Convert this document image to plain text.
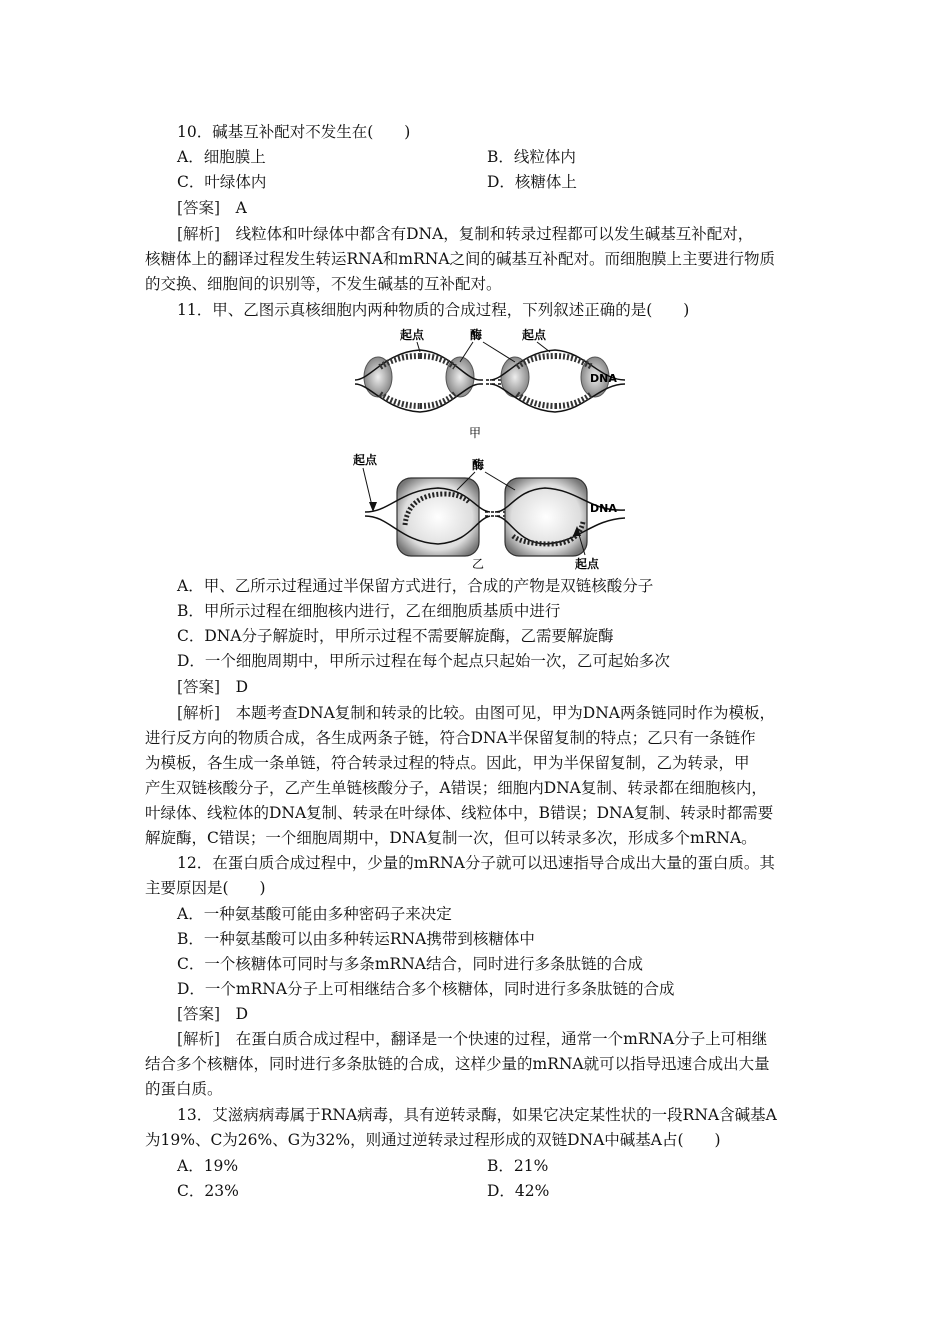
10．碱基互补配对不发生在(　　)
A．细胞膜上	B．线粒体内
C．叶绿体内	D．核糖体上
[答案]　 A
[解析]　 线粒体和叶绿体中都含有DNA，复制和转录过程都可以发生碱基互补配对，
核糖体上的翻译过程发生转运RNA和mRNA之间的碱基互补配对。而细胞膜上主要进行物质
的交换、细胞间的识别等，不发生碱基的互补配对。
11．甲、乙图示真核细胞内两种物质的合成过程，下列叙述正确的是(　　)
起点	酶	起点
DNA
甲
起点	酶
DNA
起点
乙
A．甲、乙所示过程通过半保留方式进行，合成的产物是双链核酸分子
B．甲所示过程在细胞核内进行，乙在细胞质基质中进行
C．DNA分子解旋时，甲所示过程不需要解旋酶，乙需要解旋酶
D．一个细胞周期中，甲所示过程在每个起点只起始一次，乙可起始多次
[答案]　 D
[解析]　 本题考查DNA复制和转录的比较。由图可见，甲为DNA两条链同时作为模板，
进行反方向的物质合成，各生成两条子链，符合DNA半保留复制的特点；乙只有一条链作
为模板，各生成一条单链，符合转录过程的特点。因此，甲为半保留复制，乙为转录，甲
产生双链核酸分子，乙产生单链核酸分子，A错误；细胞内DNA复制、转录都在细胞核内，
叶绿体、线粒体的DNA复制、转录在叶绿体、线粒体中，B错误；DNA复制、转录时都需要
解旋酶，C错误；一个细胞周期中，DNA复制一次，但可以转录多次，形成多个mRNA。
12．在蛋白质合成过程中，少量的mRNA分子就可以迅速指导合成出大量的蛋白质。其
主要原因是(　　)
A．一种氨基酸可能由多种密码子来决定
B．一种氨基酸可以由多种转运RNA携带到核糖体中
C．一个核糖体可同时与多条mRNA结合，同时进行多条肽链的合成
D．一个mRNA分子上可相继结合多个核糖体，同时进行多条肽链的合成
[答案]　 D
[解析]　 在蛋白质合成过程中，翻译是一个快速的过程，通常一个mRNA分子上可相继
结合多个核糖体，同时进行多条肽链的合成，这样少量的mRNA就可以指导迅速合成出大量
的蛋白质。
13．艾滋病病毒属于RNA病毒，具有逆转录酶，如果它决定某性状的一段RNA含碱基A
为19%、C为26%、G为32%，则通过逆转录过程形成的双链DNA中碱基A占(　　)
A．19%	B．21%
C．23%	D．42%
